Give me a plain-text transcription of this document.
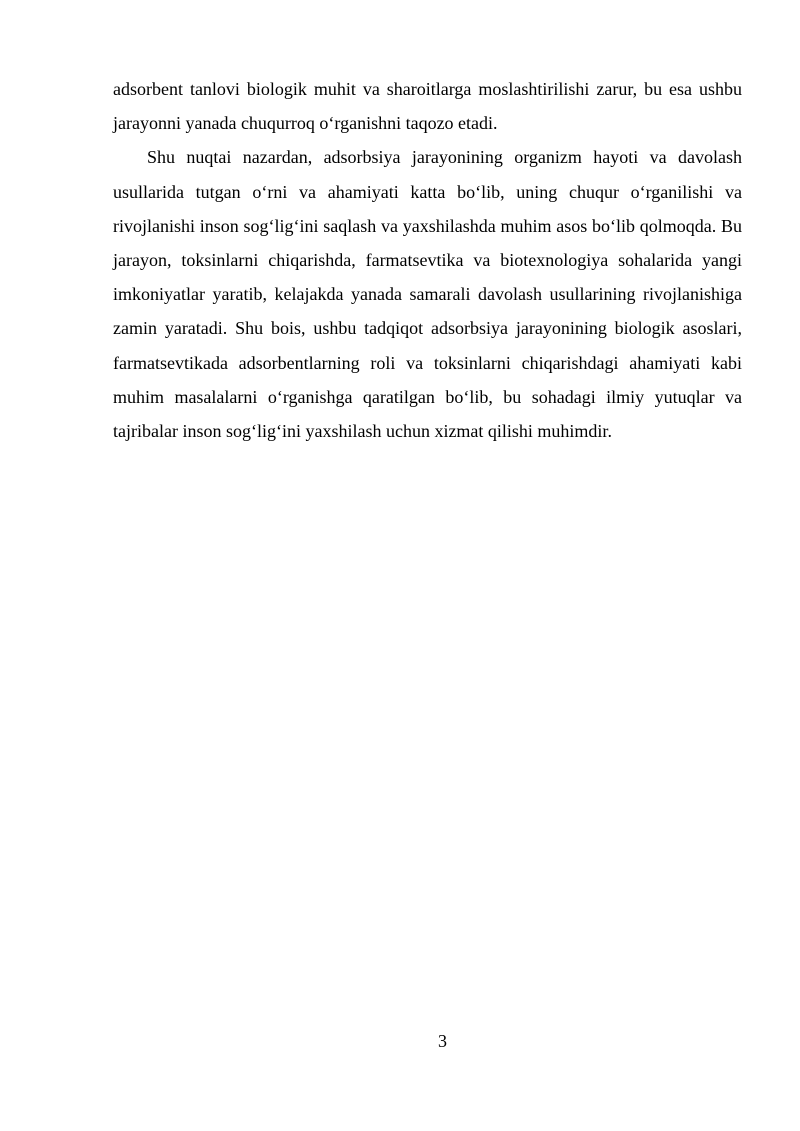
adsorbent tanlovi biologik muhit va sharoitlarga moslashtirilishi zarur, bu esa ushbu jarayonni yanada chuqurroq o‘rganishni taqozo etadi.

Shu nuqtai nazardan, adsorbsiya jarayonining organizm hayoti va davolash usullarida tutgan o‘rni va ahamiyati katta bo‘lib, uning chuqur o‘rganilishi va rivojlanishi inson sog‘lig‘ini saqlash va yaxshilashda muhim asos bo‘lib qolmoqda. Bu jarayon, toksinlarni chiqarishda, farmatsevtika va biotexnologiya sohalarida yangi imkoniyatlar yaratib, kelajakda yanada samarali davolash usullarining rivojlanishiga zamin yaratadi. Shu bois, ushbu tadqiqot adsorbsiya jarayonining biologik asoslari, farmatsevtikada adsorbentlarning roli va toksinlarni chiqarishdagi ahamiyati kabi muhim masalalarni o‘rganishga qaratilgan bo‘lib, bu sohadagi ilmiy yutuqlar va tajribalar inson sog‘lig‘ini yaxshilash uchun xizmat qilishi muhimdir.

3
